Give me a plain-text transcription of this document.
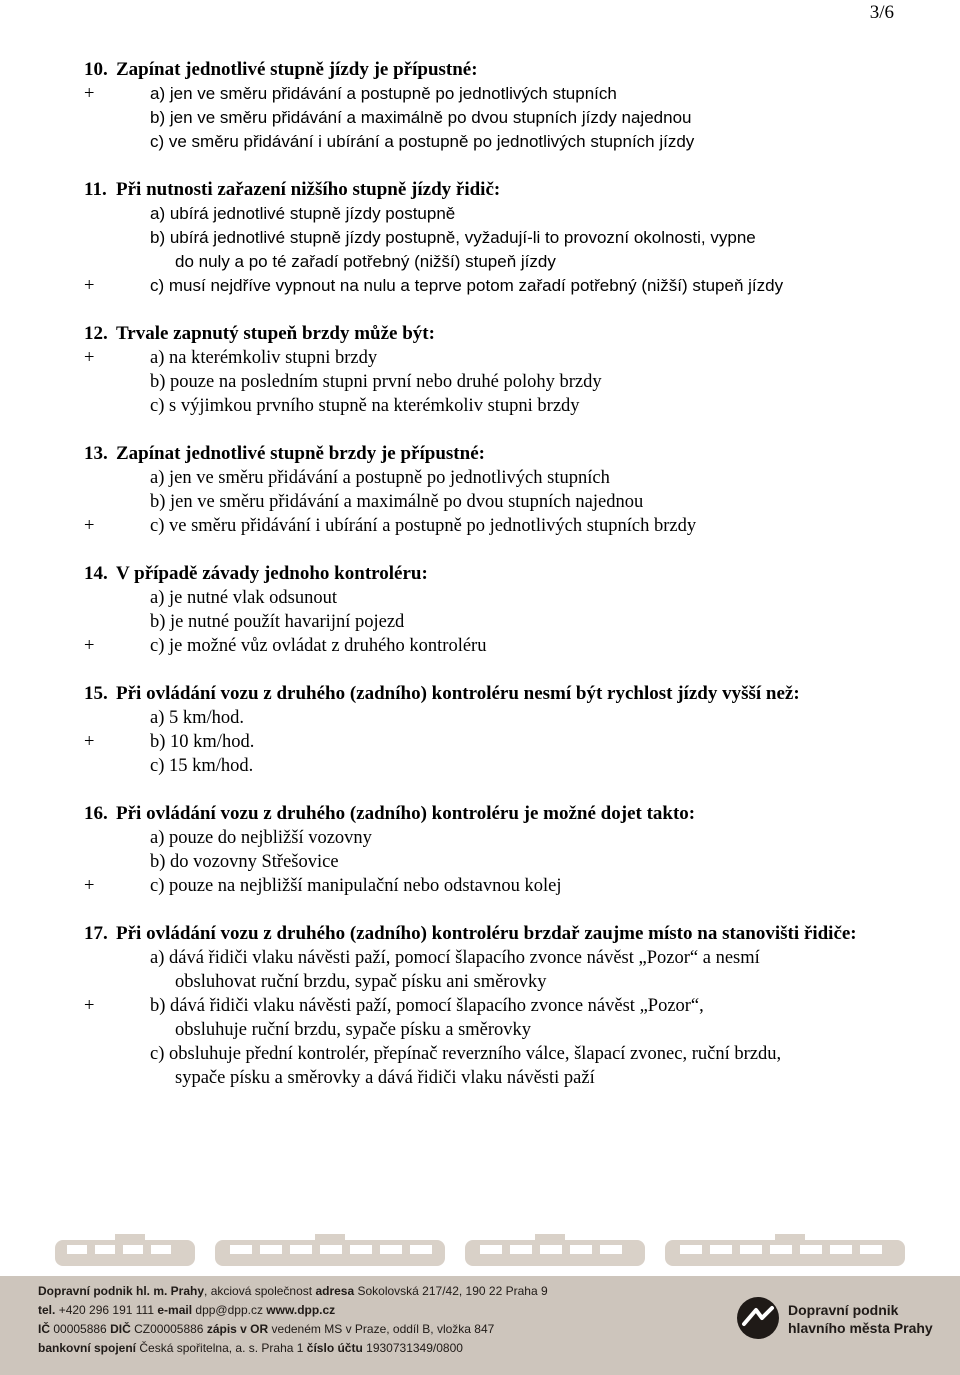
3/6
10. Zapínat jednotlivé stupně jízdy je přípustné:
+	a) jen ve směru přidávání a postupně po jednotlivých stupních
b) jen ve směru přidávání a maximálně po dvou stupních jízdy najednou
c) ve směru přidávání i ubírání a postupně po jednotlivých stupních jízdy
11. Při nutnosti zařazení nižšího stupně jízdy řidič:
a) ubírá jednotlivé stupně jízdy postupně
b) ubírá jednotlivé stupně jízdy postupně, vyžadují-li to provozní okolnosti, vypne
do nuly a po té zařadí potřebný (nižší) stupeň jízdy
+	c) musí nejdříve vypnout na nulu a teprve potom zařadí potřebný (nižší) stupeň jízdy
12. Trvale zapnutý stupeň brzdy může být:
+	a) na kterémkoliv stupni brzdy
b) pouze na posledním stupni první nebo druhé polohy brzdy
c) s výjimkou prvního stupně na kterémkoliv stupni brzdy
13. Zapínat jednotlivé stupně brzdy je přípustné:
a) jen ve směru přidávání a postupně po jednotlivých stupních
b) jen ve směru přidávání a maximálně po dvou stupních najednou
+	c) ve směru přidávání i ubírání a postupně po jednotlivých stupních brzdy
14. V případě závady jednoho kontroléru:
a) je nutné vlak odsunout
b) je nutné použít havarijní pojezd
+	c) je možné vůz ovládat z druhého kontroléru
15. Při ovládání vozu z druhého (zadního) kontroléru nesmí být rychlost jízdy vyšší než:
a) 5 km/hod.
+	b) 10 km/hod.
c) 15 km/hod.
16. Při ovládání vozu z druhého (zadního) kontroléru je možné dojet takto:
a) pouze do nejbližší vozovny
b) do vozovny Střešovice
+	c) pouze na nejbližší manipulační nebo odstavnou kolej
17. Při ovládání vozu z druhého (zadního) kontroléru brzdař zaujme místo na stanovišti řidiče:
a) dává řidiči vlaku návěsti paží, pomocí šlapacího zvonce návěst „Pozor“ a nesmí
obsluhovat ruční brzdu, sypač písku ani směrovky
+	b) dává řidiči vlaku návěsti paží, pomocí šlapacího zvonce návěst „Pozor“,
obsluhuje ruční brzdu, sypače písku a směrovky
c) obsluhuje přední kontrolér, přepínač reverzního válce, šlapací zvonec, ruční brzdu,
sypače písku a směrovky a dává řidiči vlaku návěsti paží
Dopravní podnik hl. m. Prahy, akciová společnost adresa Sokolovská 217/42, 190 22 Praha 9
tel. +420 296 191 111 e-mail dpp@dpp.cz www.dpp.cz
IČ 00005886 DIČ CZ00005886 zápis v OR vedeném MS v Praze, oddíl B, vložka 847
bankovní spojení Česká spořitelna, a. s. Praha 1 číslo účtu 1930731349/0800
Dopravní podnik
hlavního města Prahy
